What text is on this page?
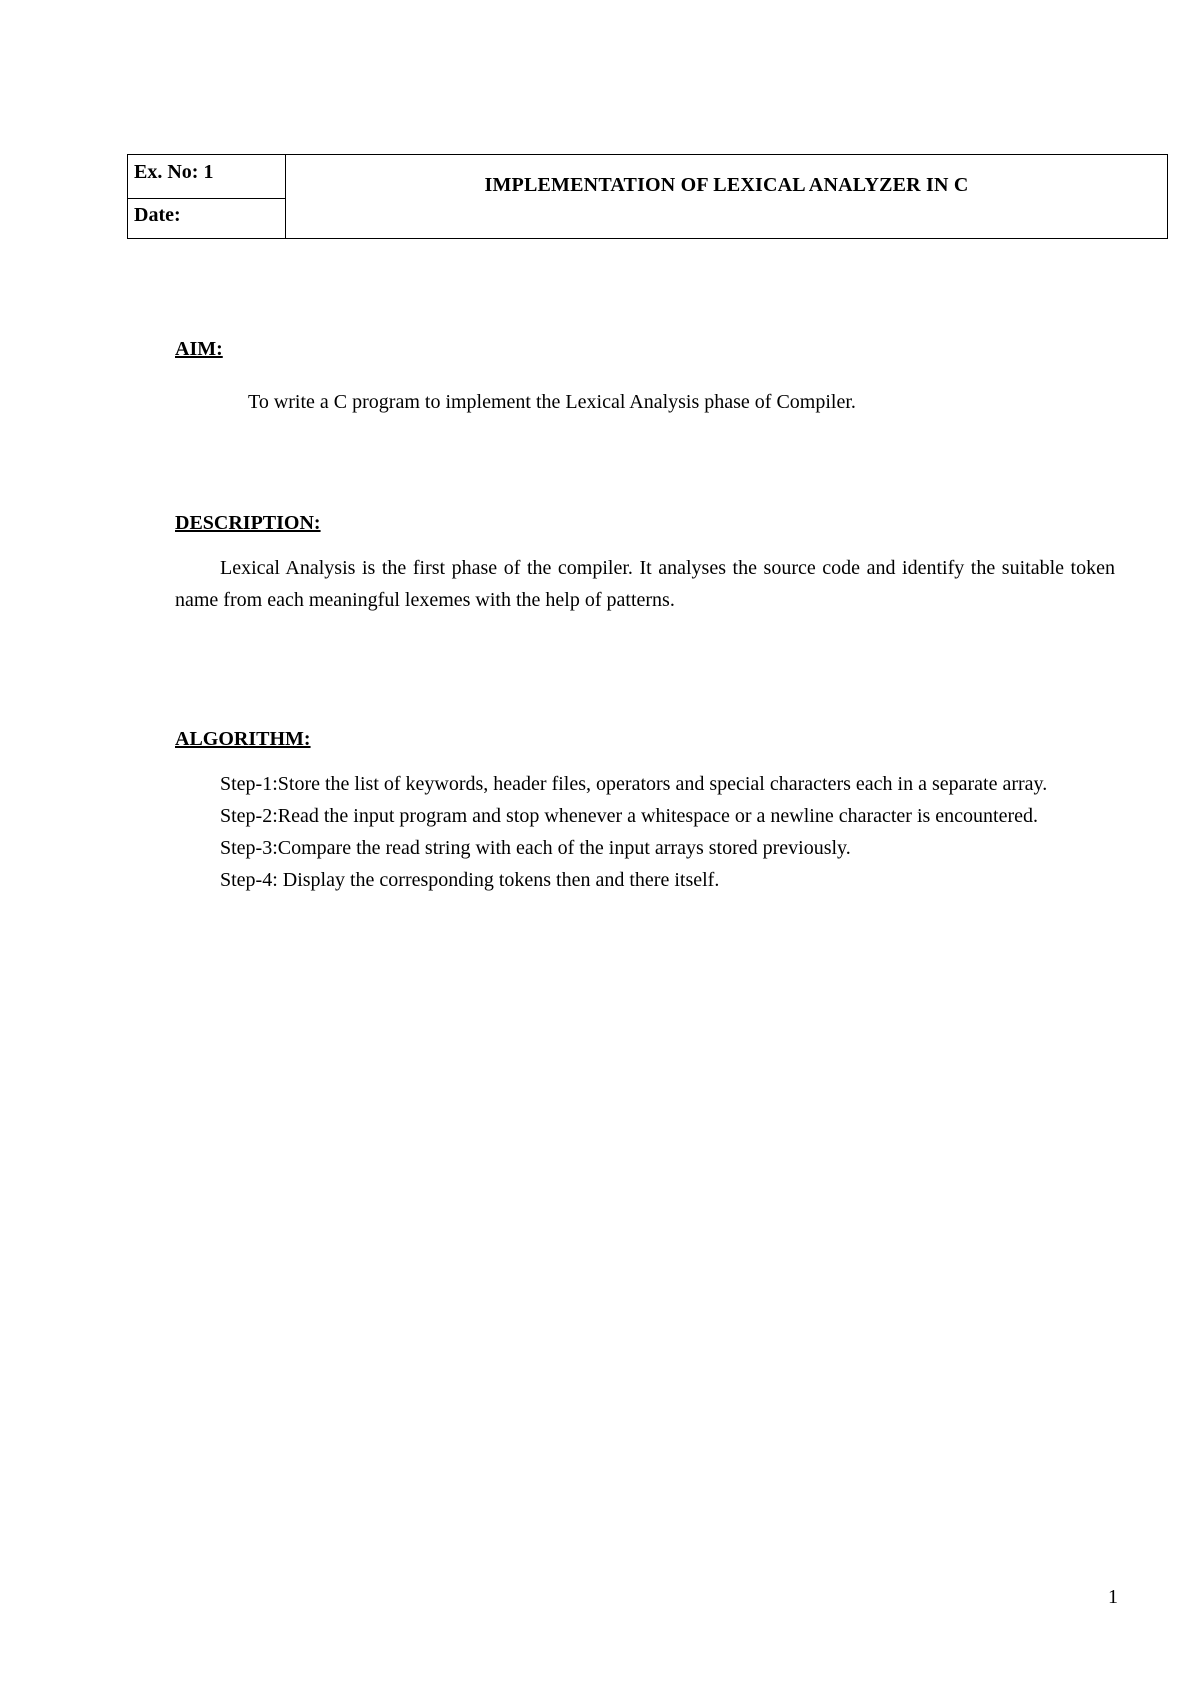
Ex. No: 1
Date:
IMPLEMENTATION OF LEXICAL ANALYZER IN C
AIM:
To write a C program to implement the Lexical Analysis phase of Compiler.
DESCRIPTION:
Lexical Analysis is the first phase of the compiler. It analyses the source code and identify the suitable token name from each meaningful lexemes with the help of patterns.
ALGORITHM:
Step-1:Store the list of keywords, header files, operators and special characters each in a separate array.
Step-2:Read the input program and stop whenever a whitespace or a newline character is encountered.
Step-3:Compare the read string with each of the input arrays stored previously.
Step-4: Display the corresponding tokens then and there itself.
1
